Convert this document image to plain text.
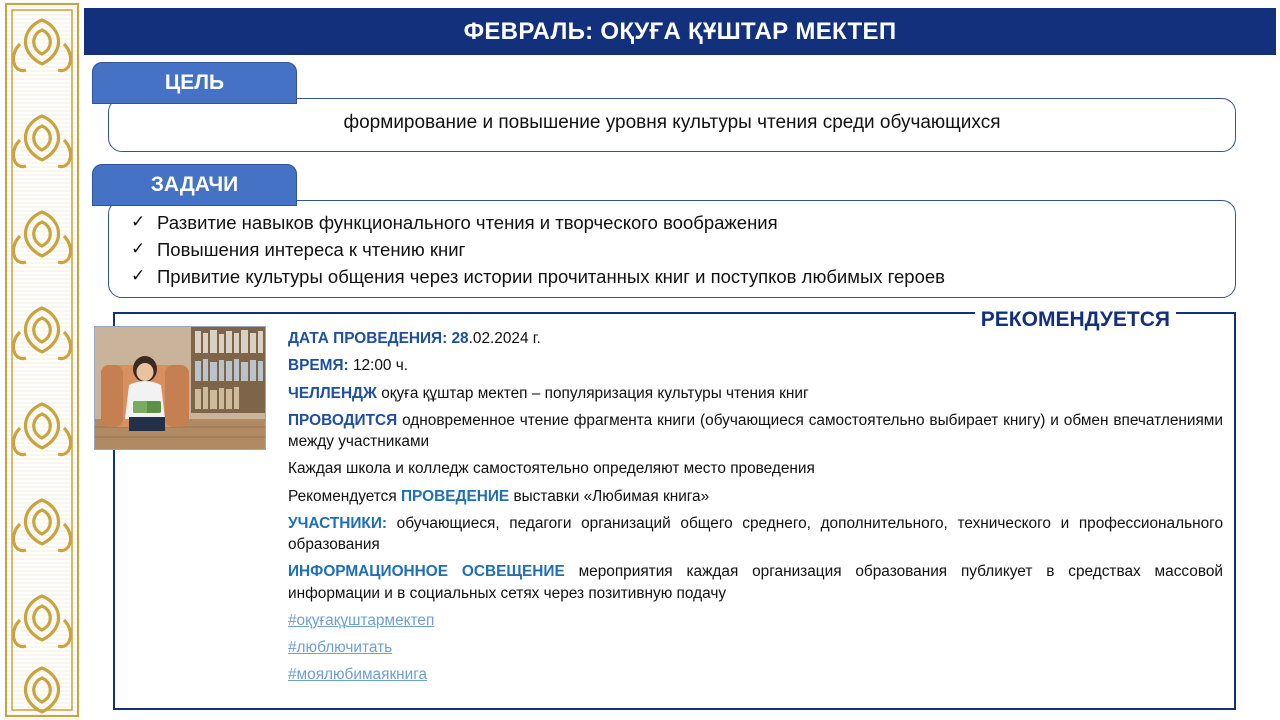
ФЕВРАЛЬ: ОҚУҒА ҚҰШТАР МЕКТЕП
ЦЕЛЬ
формирование и повышение уровня культуры чтения среди обучающихся
ЗАДАЧИ
✓ Развитие навыков функционального чтения и творческого воображения
✓ Повышения интереса к чтению книг
✓ Привитие культуры общения через истории прочитанных книг и поступков любимых героев
РЕКОМЕНДУЕТСЯ

ДАТА ПРОВЕДЕНИЯ: 28.02.2024 г.

ВРЕМЯ: 12:00 ч.

ЧЕЛЛЕНДЖ оқуға құштар мектеп – популяризация культуры чтения книг

ПРОВОДИТСЯ одновременное чтение фрагмента книги (обучающиеся самостоятельно выбирает книгу) и обмен впечатлениями между участниками

Каждая школа и колледж самостоятельно определяют место проведения

Рекомендуется ПРОВЕДЕНИЕ выставки «Любимая книга»

УЧАСТНИКИ: обучающиеся, педагоги организаций общего среднего, дополнительного, технического и профессионального образования

ИНФОРМАЦИОННОЕ ОСВЕЩЕНИЕ мероприятия каждая организация образования публикует в средствах массовой информации и в социальных сетях через позитивную подачу

#оқуғақұштармектеп

#люблючитать

#моялюбимаякнига
